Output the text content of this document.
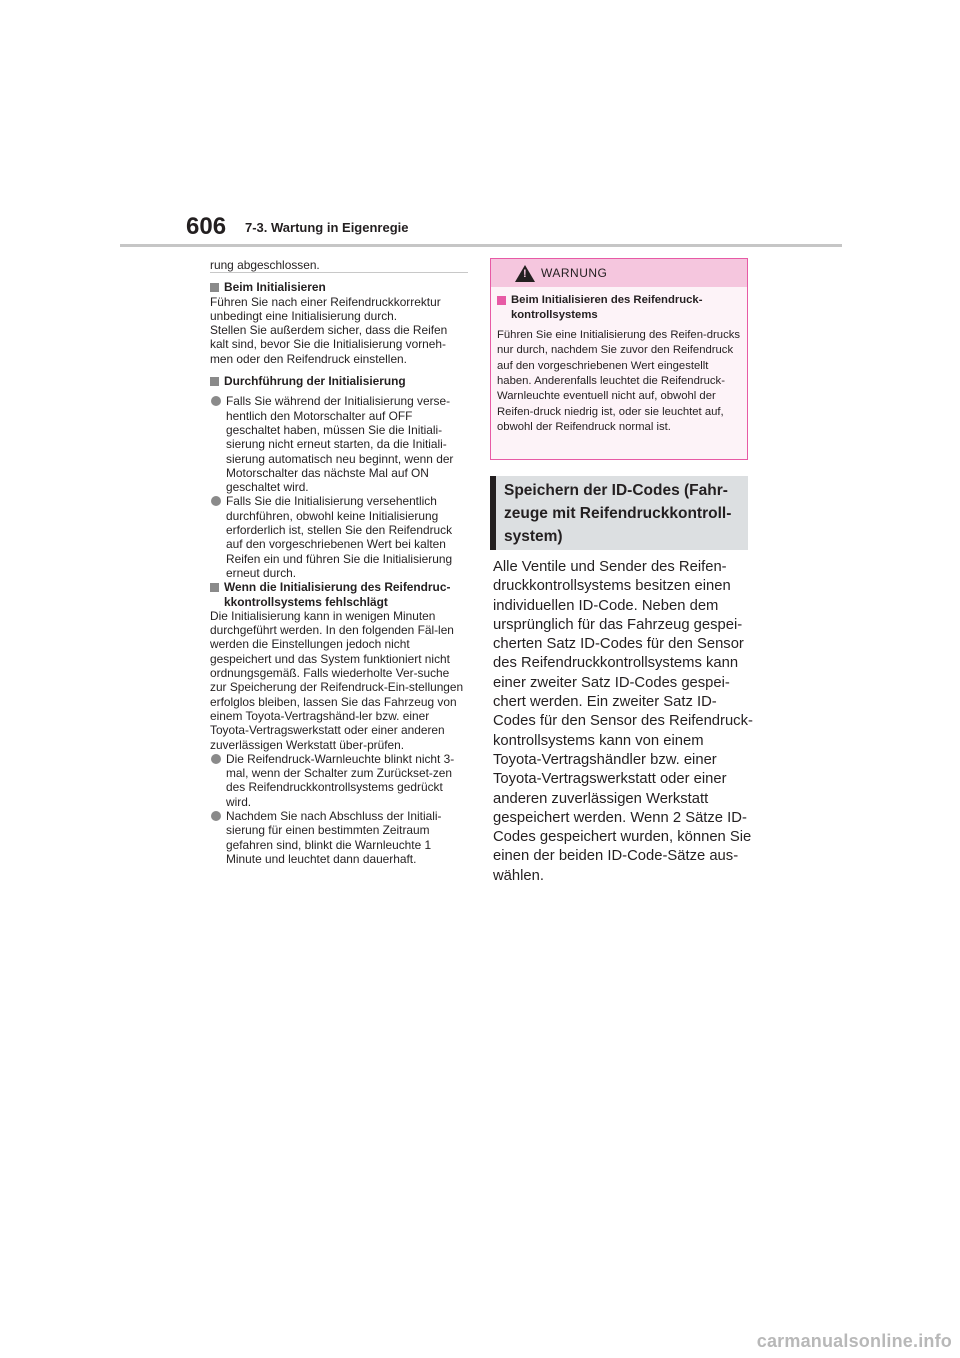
606 7-3. Wartung in Eigenregie

rung abgeschlossen.

Beim Initialisieren

Führen Sie nach einer Reifendruckkorrektur unbedingt eine Initialisierung durch.
Stellen Sie außerdem sicher, dass die Reifen kalt sind, bevor Sie die Initialisierung vorneh-men oder den Reifendruck einstellen.

Durchführung der Initialisierung

Falls Sie während der Initialisierung verse-hentlich den Motorschalter auf OFF geschaltet haben, müssen Sie die Initiali-sierung nicht erneut starten, da die Initiali-sierung automatisch neu beginnt, wenn der Motorschalter das nächste Mal auf ON geschaltet wird.

Falls Sie die Initialisierung versehentlich durchführen, obwohl keine Initialisierung erforderlich ist, stellen Sie den Reifendruck auf den vorgeschriebenen Wert bei kalten Reifen ein und führen Sie die Initialisierung erneut durch.

Wenn die Initialisierung des Reifendruc-kkontrollsystems fehlschlägt

Die Initialisierung kann in wenigen Minuten durchgeführt werden. In den folgenden Fäl-len werden die Einstellungen jedoch nicht gespeichert und das System funktioniert nicht ordnungsgemäß. Falls wiederholte Ver-suche zur Speicherung der Reifendruck-Ein-stellungen erfolglos bleiben, lassen Sie das Fahrzeug von einem Toyota-Vertragshänd-ler bzw. einer Toyota-Vertragswerkstatt oder einer anderen zuverlässigen Werkstatt über-prüfen.

Die Reifendruck-Warnleuchte blinkt nicht 3-mal, wenn der Schalter zum Zurückset-zen des Reifendruckkontrollsystems gedrückt wird.

Nachdem Sie nach Abschluss der Initiali-sierung für einen bestimmten Zeitraum gefahren sind, blinkt die Warnleuchte 1 Minute und leuchtet dann dauerhaft.

!
WARNUNG

Beim Initialisieren des Reifendruck-kontrollsystems

Führen Sie eine Initialisierung des Reifen-drucks nur durch, nachdem Sie zuvor den Reifendruck auf den vorgeschriebenen Wert eingestellt haben. Anderenfalls leuchtet die Reifendruck-Warnleuchte eventuell nicht auf, obwohl der Reifen-druck niedrig ist, oder sie leuchtet auf, obwohl der Reifendruck normal ist.

Speichern der ID-Codes (Fahr-zeuge mit Reifendruckkontroll-system)

Alle Ventile und Sender des Reifen-druckkontrollsystems besitzen einen individuellen ID-Code. Neben dem ursprünglich für das Fahrzeug gespei-cherten Satz ID-Codes für den Sensor des Reifendruckkontrollsystems kann einer zweiter Satz ID-Codes gespei-chert werden. Ein zweiter Satz ID-Codes für den Sensor des Reifendruck-kontrollsystems kann von einem Toyota-Vertragshändler bzw. einer Toyota-Vertragswerkstatt oder einer anderen zuverlässigen Werkstatt gespeichert werden. Wenn 2 Sätze ID-Codes gespeichert wurden, können Sie einen der beiden ID-Code-Sätze aus-wählen.

carmanualsonline.info
